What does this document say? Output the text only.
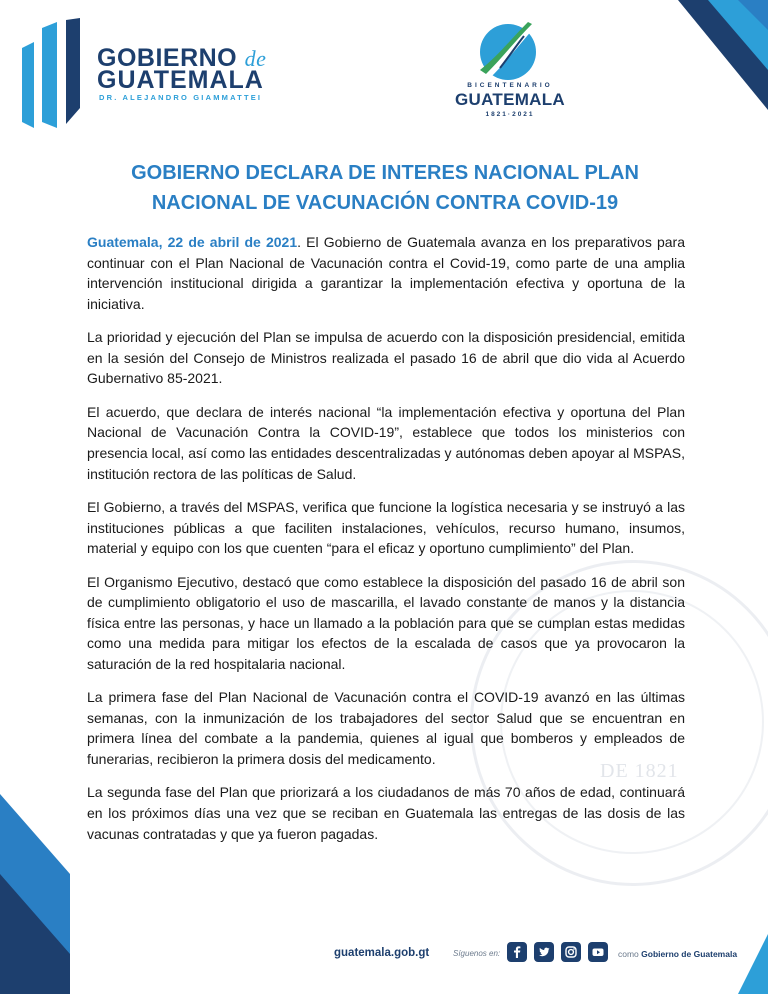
DE 1821
GOBIERNO de
GUATEMALA
DR. ALEJANDRO GIAMMATTEI
BICENTENARIO
GUATEMALA
1821·2021
GOBIERNO DECLARA DE INTERES NACIONAL PLAN NACIONAL DE VACUNACIÓN CONTRA COVID-19

Guatemala, 22 de abril de 2021. El Gobierno de Guatemala avanza en los preparativos para continuar con el Plan Nacional de Vacunación contra el Covid-19, como parte de una amplia intervención institucional dirigida a garantizar la implementación efectiva y oportuna de la iniciativa.

La prioridad y ejecución del Plan se impulsa de acuerdo con la disposición presidencial, emitida en la sesión del Consejo de Ministros realizada el pasado 16 de abril que dio vida al Acuerdo Gubernativo 85-2021.

El acuerdo, que declara de interés nacional “la implementación efectiva y oportuna del Plan Nacional de Vacunación Contra la COVID-19”, establece que todos los ministerios con presencia local, así como las entidades descentralizadas y autónomas deben apoyar al MSPAS, institución rectora de las políticas de Salud.

El Gobierno, a través del MSPAS, verifica que funcione la logística necesaria y se instruyó a las instituciones públicas a que faciliten instalaciones, vehículos, recurso humano, insumos, material y equipo con los que cuenten “para el eficaz y oportuno cumplimiento” del Plan.

El Organismo Ejecutivo, destacó que como establece la disposición del pasado 16 de abril son de cumplimiento obligatorio el uso de mascarilla, el lavado constante de manos y la distancia física entre las personas, y hace un llamado a la población para que se cumplan estas medidas como una medida para mitigar los efectos de la escalada de casos que ya provocaron la saturación de la red hospitalaria nacional.

La primera fase del Plan Nacional de Vacunación contra el COVID-19 avanzó en las últimas semanas, con la inmunización de los trabajadores del sector Salud que se encuentran en primera línea del combate a la pandemia, quienes al igual que bomberos y empleados de funerarias, recibieron la primera dosis del medicamento.

La segunda fase del Plan que priorizará a los ciudadanos de más 70 años de edad, continuará en los próximos días una vez que se reciban en Guatemala las entregas de las dosis de las vacunas contratadas y que ya fueron pagadas.

guatemala.gob.gt	Síguenos en:	como Gobierno de Guatemala
